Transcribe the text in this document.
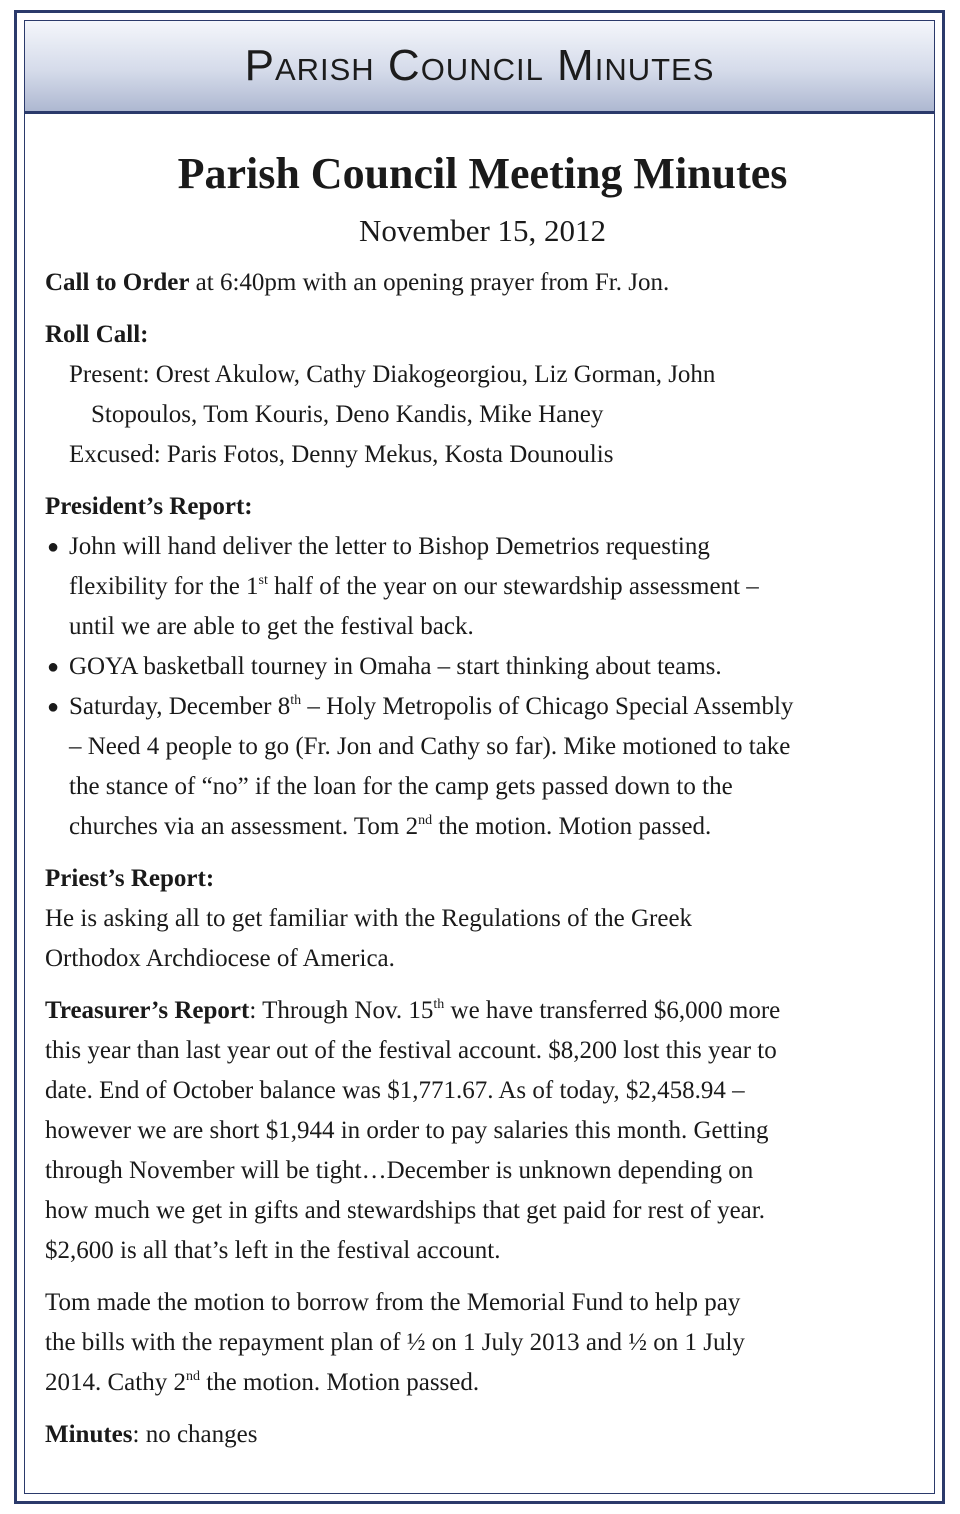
Parish Council Minutes
Parish Council Meeting Minutes
November 15, 2012

Call to Order at 6:40pm with an opening prayer from Fr. Jon.

Roll Call:

Present: Orest Akulow, Cathy Diakogeorgiou, Liz Gorman, John

Stopoulos, Tom Kouris, Deno Kandis, Mike Haney

Excused: Paris Fotos, Denny Mekus, Kosta Dounoulis

President’s Report:

● John will hand deliver the letter to Bishop Demetrios requesting
flexibility for the 1st half of the year on our stewardship assessment –
until we are able to get the festival back.
● GOYA basketball tourney in Omaha – start thinking about teams.
● Saturday, December 8th – Holy Metropolis of Chicago Special Assembly
– Need 4 people to go (Fr. Jon and Cathy so far). Mike motioned to take
the stance of “no” if the loan for the camp gets passed down to the
churches via an assessment. Tom 2nd the motion. Motion passed.

Priest’s Report:

He is asking all to get familiar with the Regulations of the Greek

Orthodox Archdiocese of America.

Treasurer’s Report: Through Nov. 15th we have transferred $6,000 more

this year than last year out of the festival account. $8,200 lost this year to

date. End of October balance was $1,771.67. As of today, $2,458.94 –

however we are short $1,944 in order to pay salaries this month. Getting

through November will be tight…December is unknown depending on

how much we get in gifts and stewardships that get paid for rest of year.

$2,600 is all that’s left in the festival account.

Tom made the motion to borrow from the Memorial Fund to help pay

the bills with the repayment plan of ½ on 1 July 2013 and ½ on 1 July

2014. Cathy 2nd the motion. Motion passed.

Minutes: no changes
